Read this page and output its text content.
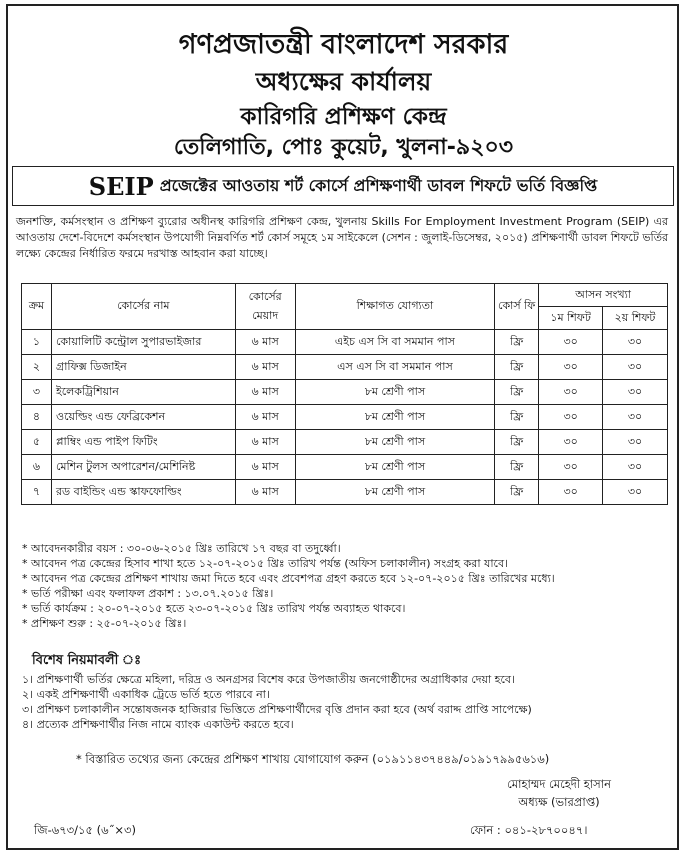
গণপ্রজাতন্ত্রী বাংলাদেশ সরকার
অধ্যক্ষের কার্যালয়
কারিগরি প্রশিক্ষণ কেন্দ্র
তেলিগাতি, পোঃ কুয়েট, খুলনা-৯২০৩
SEIP প্রজেক্টের আওতায় শর্ট কোর্সে প্রশিক্ষণার্থী ডাবল শিফটে ভর্তি বিজ্ঞপ্তি
জনশক্তি, কর্মসংস্থান ও প্রশিক্ষণ ব্যুরোর অধীনস্থ কারিগরি প্রশিক্ষণ কেন্দ্র, খুলনায় Skills For Employment Investment Program (SEIP) এর আওতায় দেশে-বিদেশে কর্মসংস্থান উপযোগী নিম্নবর্ণিত শর্ট কোর্স সমূহে ১ম সাইকেলে (সেশন : জুলাই-ডিসেম্বর, ২০১৫) প্রশিক্ষণার্থী ডাবল শিফটে ভর্তির লক্ষ্যে কেন্দ্রের নির্ধারিত ফরমে দরখাস্ত আহবান করা যাচ্ছে।
ক্রম	কোর্সের নাম	কোর্সের মেয়াদ	শিক্ষাগত যোগ্যতা	কোর্স ফি	আসন সংখ্যা	
					১ম শিফট	২য় শিফট
১	কোয়ালিটি কন্ট্রোল সুপারভাইজার	৬ মাস	এইচ এস সি বা সমমান পাস	ফ্রি	৩০	৩০
২	গ্রাফিক্স ডিজাইন	৬ মাস	এস এস সি বা সমমান পাস	ফ্রি	৩০	৩০
৩	ইলেকট্রিশিয়ান	৬ মাস	৮ম শ্রেণী পাস	ফ্রি	৩০	৩০
৪	ওয়েল্ডিং এন্ড ফেব্রিকেশন	৬ মাস	৮ম শ্রেণী পাস	ফ্রি	৩০	৩০
৫	প্লাম্বিং এন্ড পাইপ ফিটিং	৬ মাস	৮ম শ্রেণী পাস	ফ্রি	৩০	৩০
৬	মেশিন টুলস অপারেশন/মেশিনিষ্ট	৬ মাস	৮ম শ্রেণী পাস	ফ্রি	৩০	৩০
৭	রড বাইন্ডিং এন্ড স্কাফফোল্ডিং	৬ মাস	৮ম শ্রেণী পাস	ফ্রি	৩০	৩০
* আবেদনকারীর বয়স : ৩০-০৬-২০১৫ খ্রিঃ তারিখে ১৭ বছর বা তদুর্ধ্বো।
* আবেদন পত্র কেন্দ্রের হিসাব শাখা হতে ১২-০৭-২০১৫ খ্রিঃ তারিখ পর্যন্ত (অফিস চলাকালীন) সংগ্রহ করা যাবে।
* আবেদন পত্র কেন্দ্রের প্রশিক্ষণ শাখায় জমা দিতে হবে এবং প্রবেশপত্র গ্রহণ করতে হবে ১২-০৭-২০১৫ খ্রিঃ তারিখের মধ্যে।
* ভর্তি পরীক্ষা এবং ফলাফল প্রকাশ : ১৩.০৭.২০১৫ খ্রিঃ।
* ভর্তি কার্যক্রম : ২০-০৭-২০১৫ হতে ২৩-০৭-২০১৫ খ্রিঃ তারিখ পর্যন্ত অব্যাহত থাকবে।
* প্রশিক্ষণ শুরু : ২৫-০৭-২০১৫ খ্রিঃ।
বিশেষ নিয়মাবলী ঃ
১। প্রশিক্ষণার্থী ভর্তির ক্ষেত্রে মহিলা, দরিদ্র ও অনগ্রসর বিশেষ করে উপজাতীয় জনগোষ্ঠীদের অগ্রাধিকার দেয়া হবে।
২। একই প্রশিক্ষণার্থী একাধিক ট্রেডে ভর্তি হতে পারবে না।
৩। প্রশিক্ষণ চলাকালীন সন্তোষজনক হাজিরার ভিত্তিতে প্রশিক্ষণার্থীদের বৃত্তি প্রদান করা হবে (অর্থ বরাদ্দ প্রাপ্তি সাপেক্ষে)
৪। প্রত্যেক প্রশিক্ষণার্থীর নিজ নামে ব্যাংক একাউন্ট করতে হবে।
* বিস্তারিত তথ্যের জন্য কেন্দ্রের প্রশিক্ষণ শাখায় যোগাযোগ করুন (০১৯১১৪৩৭৪৪৯/০১৯১৭৯৯৫৬১৬)
মোহাম্মদ মেহেদী হাসান
অধ্যক্ষ (ভারপ্রাপ্ত)
জি-৬৭৩/১৫ (৬˝×৩)	ফোন : ০৪১-২৮৭০০৪৭।
